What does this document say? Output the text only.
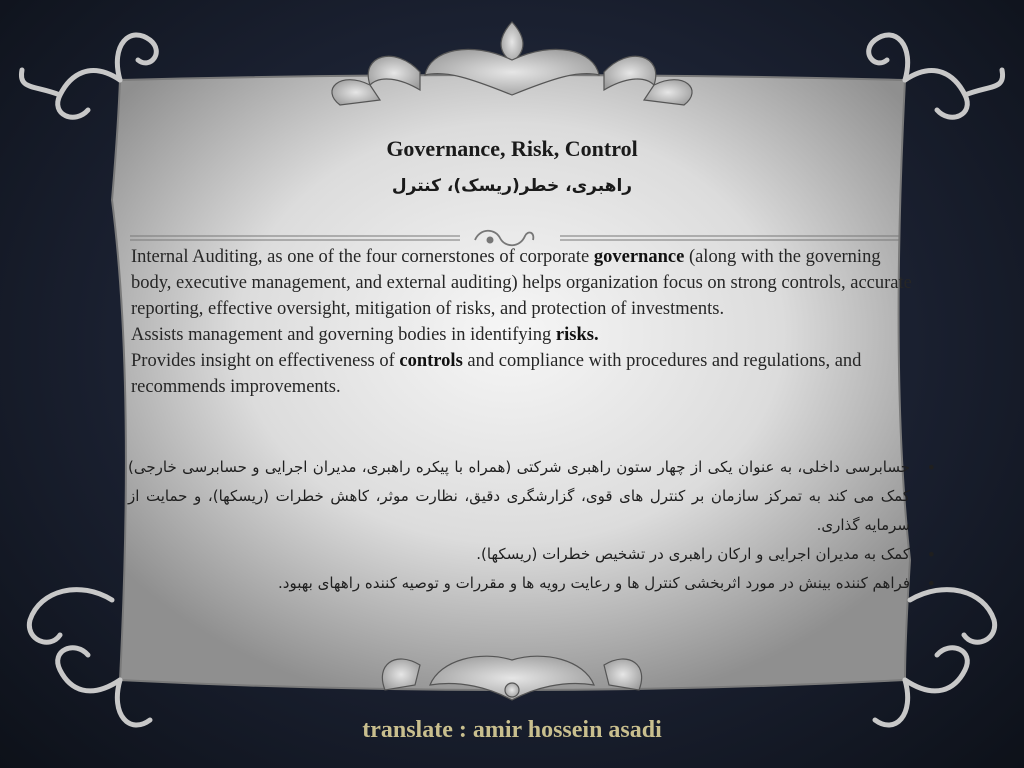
Governance, Risk, Control
راهبری، خطر(ریسک)، کنترل

Internal Auditing, as one of the four cornerstones of corporate governance (along with the governing body, executive management, and external auditing) helps organization focus on strong controls, accurate reporting, effective oversight, mitigation of risks, and protection of investments.

Assists management and governing bodies in identifying risks.

Provides insight on effectiveness of controls and compliance with procedures and regulations, and recommends improvements.

•
حسابرسی داخلی، به عنوان یکی از چهار ستون راهبری شرکتی (همراه با پیکره راهبری، مدیران اجرایی و حسابرسی خارجی) کمک می کند به تمرکز سازمان بر کنترل های قوی، گزارشگری دقیق، نظارت موثر، کاهش خطرات (ریسکها)، و حمایت از سرمایه گذاری.
•
کمک به مدیران اجرایی و ارکان راهبری در تشخیص خطرات (ریسکها).
•
فراهم کننده بینش در مورد اثربخشی کنترل ها و رعایت رویه ها و مقررات و توصیه کننده راههای بهبود.
translate : amir hossein asadi
